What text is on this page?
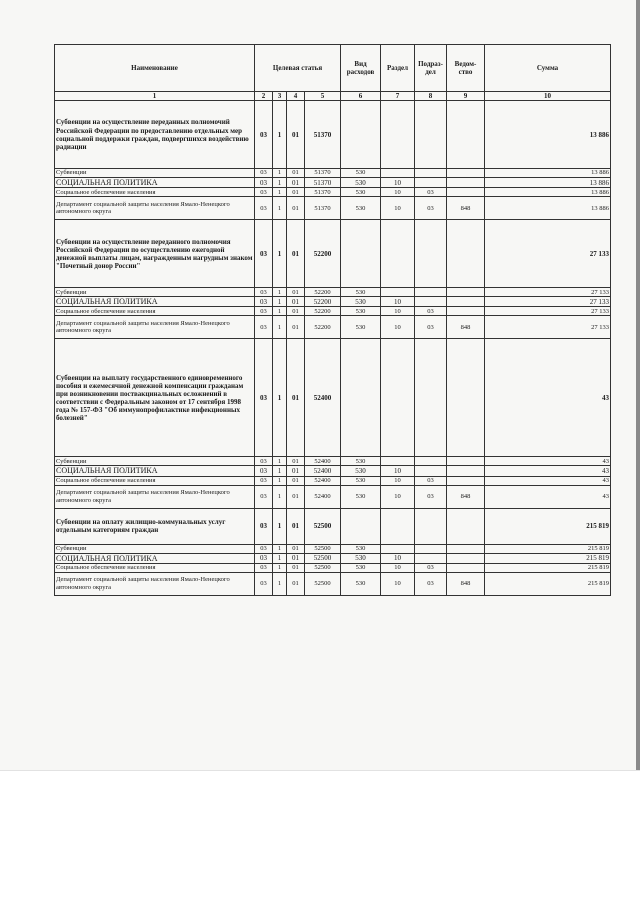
Наименование	Целевая статья				Вид расходов	Раздел	Подраз-дел	Ведом-ство	Сумма
1	2	3	4	5	6	7	8	9	10
Субвенции на осуществление переданных полномочий Российской Федерации по предоставлению отдельных мер социальной поддержки граждан, подвергшихся воздействию радиации	03	1	01	51370					13 886
Субвенции	03	1	01	51370	530				13 886
СОЦИАЛЬНАЯ ПОЛИТИКА	03	1	01	51370	530	10			13 886
Социальное обеспечение населения	03	1	01	51370	530	10	03		13 886
Департамент социальной защиты населения Ямало-Ненецкого автономного округа	03	1	01	51370	530	10	03	848	13 886
Субвенции на осуществление переданного полномочия Российской Федерации по осуществлению ежегодной денежной выплаты лицам, награжденным нагрудным знаком "Почетный донор России"	03	1	01	52200					27 133
Субвенции	03	1	01	52200	530				27 133
СОЦИАЛЬНАЯ ПОЛИТИКА	03	1	01	52200	530	10			27 133
Социальное обеспечение населения	03	1	01	52200	530	10	03		27 133
Департамент социальной защиты населения Ямало-Ненецкого автономного округа	03	1	01	52200	530	10	03	848	27 133
Субвенции на выплату государственного единовременного пособия и ежемесячной денежной компенсации гражданам при возникновении поствакцинальных осложнений в соответствии с Федеральным законом от 17 сентября 1998 года № 157-ФЗ "Об иммунопрофилактике инфекционных болезней"	03	1	01	52400					43
Субвенции	03	1	01	52400	530				43
СОЦИАЛЬНАЯ ПОЛИТИКА	03	1	01	52400	530	10			43
Социальное обеспечение населения	03	1	01	52400	530	10	03		43
Департамент социальной защиты населения Ямало-Ненецкого автономного округа	03	1	01	52400	530	10	03	848	43
Субвенции на оплату жилищно-коммунальных услуг отдельным категориям граждан	03	1	01	52500					215 819
Субвенции	03	1	01	52500	530				215 819
СОЦИАЛЬНАЯ ПОЛИТИКА	03	1	01	52500	530	10			215 819
Социальное обеспечение населения	03	1	01	52500	530	10	03		215 819
Департамент социальной защиты населения Ямало-Ненецкого автономного округа	03	1	01	52500	530	10	03	848	215 819
